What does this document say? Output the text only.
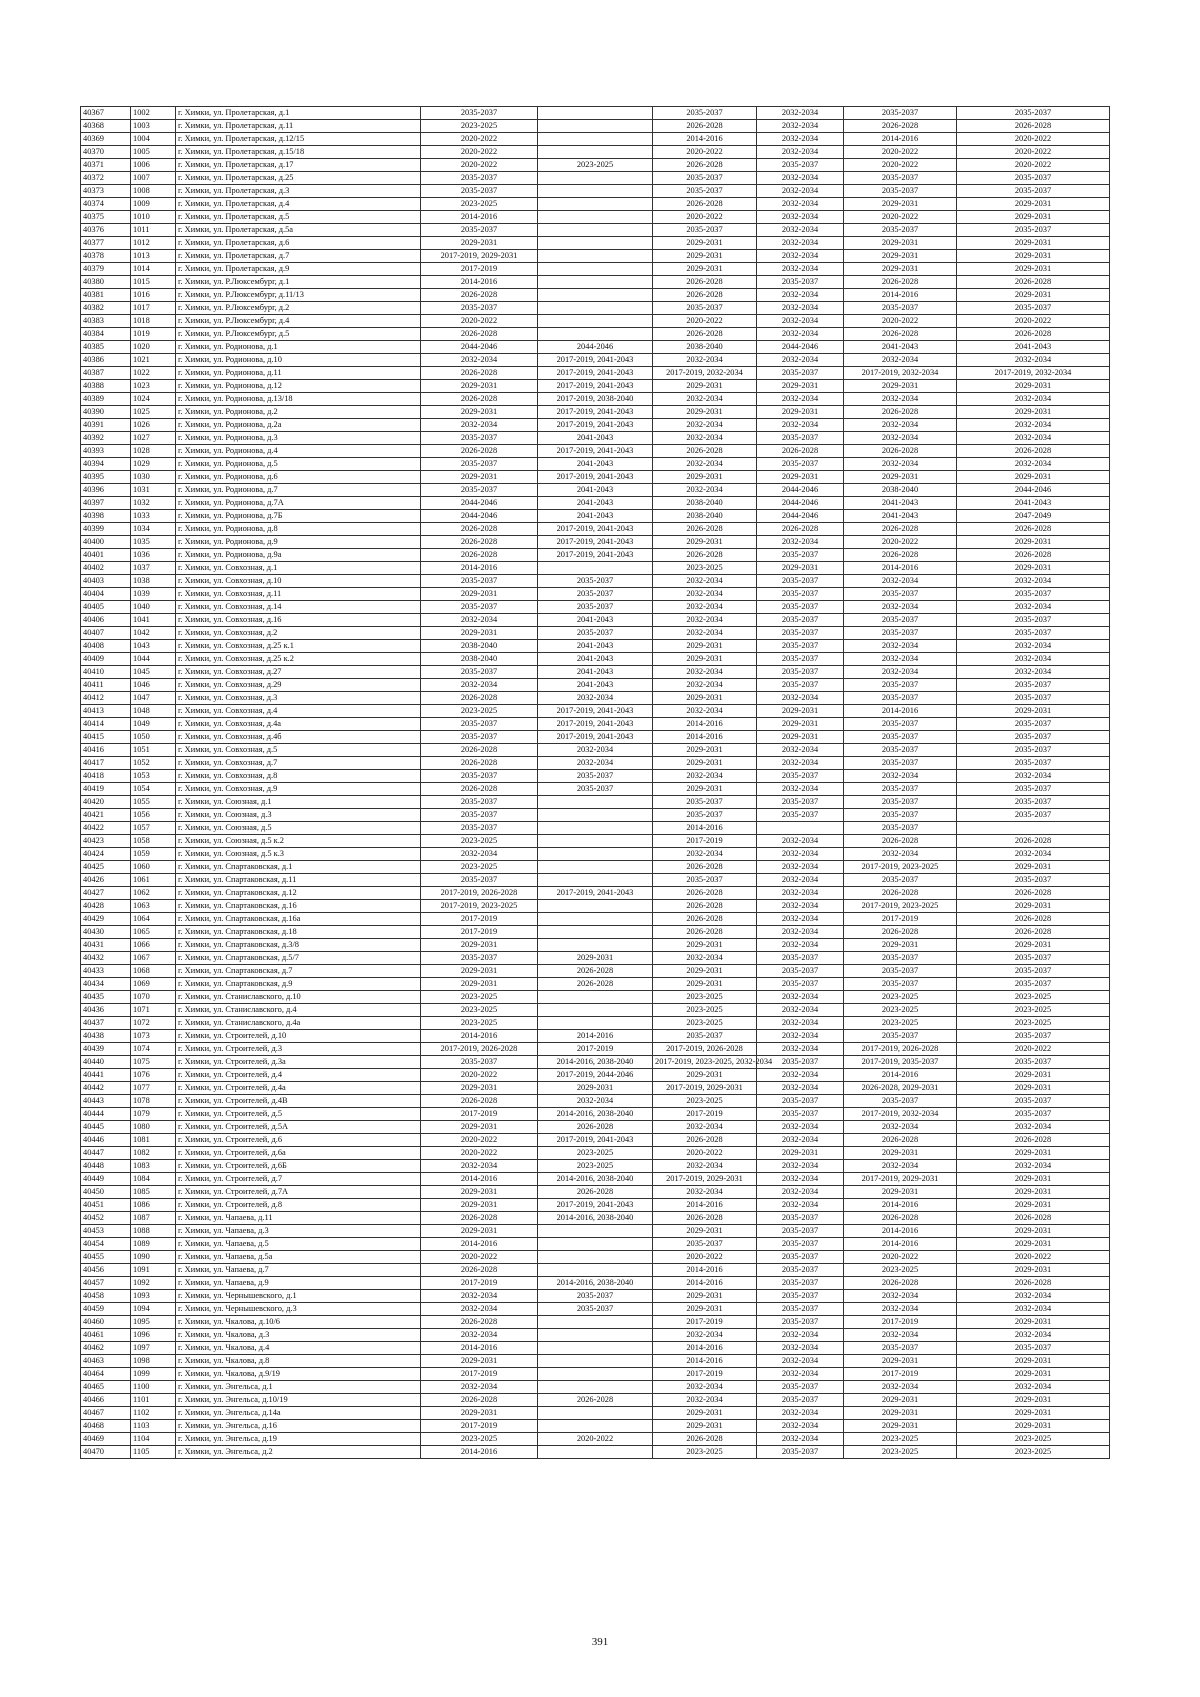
40367	1002	г. Химки, ул. Пролетарская, д.1	2035-2037		2035-2037	2032-2034	2035-2037	2035-2037
40368	1003	г. Химки, ул. Пролетарская, д.11	2023-2025		2026-2028	2032-2034	2026-2028	2026-2028
40369	1004	г. Химки, ул. Пролетарская, д.12/15	2020-2022		2014-2016	2032-2034	2014-2016	2020-2022
40370	1005	г. Химки, ул. Пролетарская, д.15/18	2020-2022		2020-2022	2032-2034	2020-2022	2020-2022
40371	1006	г. Химки, ул. Пролетарская, д.17	2020-2022	2023-2025	2026-2028	2035-2037	2020-2022	2020-2022
40372	1007	г. Химки, ул. Пролетарская, д.25	2035-2037		2035-2037	2032-2034	2035-2037	2035-2037
40373	1008	г. Химки, ул. Пролетарская, д.3	2035-2037		2035-2037	2032-2034	2035-2037	2035-2037
40374	1009	г. Химки, ул. Пролетарская, д.4	2023-2025		2026-2028	2032-2034	2029-2031	2029-2031
40375	1010	г. Химки, ул. Пролетарская, д.5	2014-2016		2020-2022	2032-2034	2020-2022	2029-2031
40376	1011	г. Химки, ул. Пролетарская, д.5а	2035-2037		2035-2037	2032-2034	2035-2037	2035-2037
40377	1012	г. Химки, ул. Пролетарская, д.6	2029-2031		2029-2031	2032-2034	2029-2031	2029-2031
40378	1013	г. Химки, ул. Пролетарская, д.7	2017-2019, 2029-2031		2029-2031	2032-2034	2029-2031	2029-2031
40379	1014	г. Химки, ул. Пролетарская, д.9	2017-2019		2029-2031	2032-2034	2029-2031	2029-2031
40380	1015	г. Химки, ул. Р.Люксембург, д.1	2014-2016		2026-2028	2035-2037	2026-2028	2026-2028
40381	1016	г. Химки, ул. Р.Люксембург, д.11/13	2026-2028		2026-2028	2032-2034	2014-2016	2029-2031
40382	1017	г. Химки, ул. Р.Люксембург, д.2	2035-2037		2035-2037	2032-2034	2035-2037	2035-2037
40383	1018	г. Химки, ул. Р.Люксембург, д.4	2020-2022		2020-2022	2032-2034	2020-2022	2020-2022
40384	1019	г. Химки, ул. Р.Люксембург, д.5	2026-2028		2026-2028	2032-2034	2026-2028	2026-2028
40385	1020	г. Химки, ул. Родионова, д.1	2044-2046	2044-2046	2038-2040	2044-2046	2041-2043	2041-2043
40386	1021	г. Химки, ул. Родионова, д.10	2032-2034	2017-2019, 2041-2043	2032-2034	2032-2034	2032-2034	2032-2034
40387	1022	г. Химки, ул. Родионова, д.11	2026-2028	2017-2019, 2041-2043	2017-2019, 2032-2034	2035-2037	2017-2019, 2032-2034	2017-2019, 2032-2034
40388	1023	г. Химки, ул. Родионова, д.12	2029-2031	2017-2019, 2041-2043	2029-2031	2029-2031	2029-2031	2029-2031
40389	1024	г. Химки, ул. Родионова, д.13/18	2026-2028	2017-2019, 2038-2040	2032-2034	2032-2034	2032-2034	2032-2034
40390	1025	г. Химки, ул. Родионова, д.2	2029-2031	2017-2019, 2041-2043	2029-2031	2029-2031	2026-2028	2029-2031
40391	1026	г. Химки, ул. Родионова, д.2а	2032-2034	2017-2019, 2041-2043	2032-2034	2032-2034	2032-2034	2032-2034
40392	1027	г. Химки, ул. Родионова, д.3	2035-2037	2041-2043	2032-2034	2035-2037	2032-2034	2032-2034
40393	1028	г. Химки, ул. Родионова, д.4	2026-2028	2017-2019, 2041-2043	2026-2028	2026-2028	2026-2028	2026-2028
40394	1029	г. Химки, ул. Родионова, д.5	2035-2037	2041-2043	2032-2034	2035-2037	2032-2034	2032-2034
40395	1030	г. Химки, ул. Родионова, д.6	2029-2031	2017-2019, 2041-2043	2029-2031	2029-2031	2029-2031	2029-2031
40396	1031	г. Химки, ул. Родионова, д.7	2035-2037	2041-2043	2032-2034	2044-2046	2038-2040	2044-2046
40397	1032	г. Химки, ул. Родионова, д.7А	2044-2046	2041-2043	2038-2040	2044-2046	2041-2043	2041-2043
40398	1033	г. Химки, ул. Родионова, д.7Б	2044-2046	2041-2043	2038-2040	2044-2046	2041-2043	2047-2049
40399	1034	г. Химки, ул. Родионова, д.8	2026-2028	2017-2019, 2041-2043	2026-2028	2026-2028	2026-2028	2026-2028
40400	1035	г. Химки, ул. Родионова, д.9	2026-2028	2017-2019, 2041-2043	2029-2031	2032-2034	2020-2022	2029-2031
40401	1036	г. Химки, ул. Родионова, д.9а	2026-2028	2017-2019, 2041-2043	2026-2028	2035-2037	2026-2028	2026-2028
40402	1037	г. Химки, ул. Совхозная, д.1	2014-2016		2023-2025	2029-2031	2014-2016	2029-2031
40403	1038	г. Химки, ул. Совхозная, д.10	2035-2037	2035-2037	2032-2034	2035-2037	2032-2034	2032-2034
40404	1039	г. Химки, ул. Совхозная, д.11	2029-2031	2035-2037	2032-2034	2035-2037	2035-2037	2035-2037
40405	1040	г. Химки, ул. Совхозная, д.14	2035-2037	2035-2037	2032-2034	2035-2037	2032-2034	2032-2034
40406	1041	г. Химки, ул. Совхозная, д.16	2032-2034	2041-2043	2032-2034	2035-2037	2035-2037	2035-2037
40407	1042	г. Химки, ул. Совхозная, д.2	2029-2031	2035-2037	2032-2034	2035-2037	2035-2037	2035-2037
40408	1043	г. Химки, ул. Совхозная, д.25 к.1	2038-2040	2041-2043	2029-2031	2035-2037	2032-2034	2032-2034
40409	1044	г. Химки, ул. Совхозная, д.25 к.2	2038-2040	2041-2043	2029-2031	2035-2037	2032-2034	2032-2034
40410	1045	г. Химки, ул. Совхозная, д.27	2035-2037	2041-2043	2032-2034	2035-2037	2032-2034	2032-2034
40411	1046	г. Химки, ул. Совхозная, д.29	2032-2034	2041-2043	2032-2034	2035-2037	2035-2037	2035-2037
40412	1047	г. Химки, ул. Совхозная, д.3	2026-2028	2032-2034	2029-2031	2032-2034	2035-2037	2035-2037
40413	1048	г. Химки, ул. Совхозная, д.4	2023-2025	2017-2019, 2041-2043	2032-2034	2029-2031	2014-2016	2029-2031
40414	1049	г. Химки, ул. Совхозная, д.4а	2035-2037	2017-2019, 2041-2043	2014-2016	2029-2031	2035-2037	2035-2037
40415	1050	г. Химки, ул. Совхозная, д.4б	2035-2037	2017-2019, 2041-2043	2014-2016	2029-2031	2035-2037	2035-2037
40416	1051	г. Химки, ул. Совхозная, д.5	2026-2028	2032-2034	2029-2031	2032-2034	2035-2037	2035-2037
40417	1052	г. Химки, ул. Совхозная, д.7	2026-2028	2032-2034	2029-2031	2032-2034	2035-2037	2035-2037
40418	1053	г. Химки, ул. Совхозная, д.8	2035-2037	2035-2037	2032-2034	2035-2037	2032-2034	2032-2034
40419	1054	г. Химки, ул. Совхозная, д.9	2026-2028	2035-2037	2029-2031	2032-2034	2035-2037	2035-2037
40420	1055	г. Химки, ул. Союзная, д.1	2035-2037		2035-2037	2035-2037	2035-2037	2035-2037
40421	1056	г. Химки, ул. Союзная, д.3	2035-2037		2035-2037	2035-2037	2035-2037	2035-2037
40422	1057	г. Химки, ул. Союзная, д.5	2035-2037		2014-2016		2035-2037	
40423	1058	г. Химки, ул. Союзная, д.5 к.2	2023-2025		2017-2019	2032-2034	2026-2028	2026-2028
40424	1059	г. Химки, ул. Союзная, д.5 к.3	2032-2034		2032-2034	2032-2034	2032-2034	2032-2034
40425	1060	г. Химки, ул. Спартаковская, д.1	2023-2025		2026-2028	2032-2034	2017-2019, 2023-2025	2029-2031
40426	1061	г. Химки, ул. Спартаковская, д.11	2035-2037		2035-2037	2032-2034	2035-2037	2035-2037
40427	1062	г. Химки, ул. Спартаковская, д.12	2017-2019, 2026-2028	2017-2019, 2041-2043	2026-2028	2032-2034	2026-2028	2026-2028
40428	1063	г. Химки, ул. Спартаковская, д.16	2017-2019, 2023-2025		2026-2028	2032-2034	2017-2019, 2023-2025	2029-2031
40429	1064	г. Химки, ул. Спартаковская, д.16а	2017-2019		2026-2028	2032-2034	2017-2019	2026-2028
40430	1065	г. Химки, ул. Спартаковская, д.18	2017-2019		2026-2028	2032-2034	2026-2028	2026-2028
40431	1066	г. Химки, ул. Спартаковская, д.3/8	2029-2031		2029-2031	2032-2034	2029-2031	2029-2031
40432	1067	г. Химки, ул. Спартаковская, д.5/7	2035-2037	2029-2031	2032-2034	2035-2037	2035-2037	2035-2037
40433	1068	г. Химки, ул. Спартаковская, д.7	2029-2031	2026-2028	2029-2031	2035-2037	2035-2037	2035-2037
40434	1069	г. Химки, ул. Спартаковская, д.9	2029-2031	2026-2028	2029-2031	2035-2037	2035-2037	2035-2037
40435	1070	г. Химки, ул. Станиславского, д.10	2023-2025		2023-2025	2032-2034	2023-2025	2023-2025
40436	1071	г. Химки, ул. Станиславского, д.4	2023-2025		2023-2025	2032-2034	2023-2025	2023-2025
40437	1072	г. Химки, ул. Станиславского, д.4а	2023-2025		2023-2025	2032-2034	2023-2025	2023-2025
40438	1073	г. Химки, ул. Строителей, д.10	2014-2016	2014-2016	2035-2037	2032-2034	2035-2037	2035-2037
40439	1074	г. Химки, ул. Строителей, д.3	2017-2019, 2026-2028	2017-2019	2017-2019, 2026-2028	2032-2034	2017-2019, 2026-2028	2020-2022
40440	1075	г. Химки, ул. Строителей, д.3а	2035-2037	2014-2016, 2038-2040	2017-2019, 2023-2025, 2032-2034	2035-2037	2017-2019, 2035-2037	2035-2037
40441	1076	г. Химки, ул. Строителей, д.4	2020-2022	2017-2019, 2044-2046	2029-2031	2032-2034	2014-2016	2029-2031
40442	1077	г. Химки, ул. Строителей, д.4а	2029-2031	2029-2031	2017-2019, 2029-2031	2032-2034	2026-2028, 2029-2031	2029-2031
40443	1078	г. Химки, ул. Строителей, д.4В	2026-2028	2032-2034	2023-2025	2035-2037	2035-2037	2035-2037
40444	1079	г. Химки, ул. Строителей, д.5	2017-2019	2014-2016, 2038-2040	2017-2019	2035-2037	2017-2019, 2032-2034	2035-2037
40445	1080	г. Химки, ул. Строителей, д.5А	2029-2031	2026-2028	2032-2034	2032-2034	2032-2034	2032-2034
40446	1081	г. Химки, ул. Строителей, д.6	2020-2022	2017-2019, 2041-2043	2026-2028	2032-2034	2026-2028	2026-2028
40447	1082	г. Химки, ул. Строителей, д.6а	2020-2022	2023-2025	2020-2022	2029-2031	2029-2031	2029-2031
40448	1083	г. Химки, ул. Строителей, д.6Б	2032-2034	2023-2025	2032-2034	2032-2034	2032-2034	2032-2034
40449	1084	г. Химки, ул. Строителей, д.7	2014-2016	2014-2016, 2038-2040	2017-2019, 2029-2031	2032-2034	2017-2019, 2029-2031	2029-2031
40450	1085	г. Химки, ул. Строителей, д.7А	2029-2031	2026-2028	2032-2034	2032-2034	2029-2031	2029-2031
40451	1086	г. Химки, ул. Строителей, д.8	2029-2031	2017-2019, 2041-2043	2014-2016	2032-2034	2014-2016	2029-2031
40452	1087	г. Химки, ул. Чапаева, д.11	2026-2028	2014-2016, 2038-2040	2026-2028	2035-2037	2026-2028	2026-2028
40453	1088	г. Химки, ул. Чапаева, д.3	2029-2031		2029-2031	2035-2037	2014-2016	2029-2031
40454	1089	г. Химки, ул. Чапаева, д.5	2014-2016		2035-2037	2035-2037	2014-2016	2029-2031
40455	1090	г. Химки, ул. Чапаева, д.5а	2020-2022		2020-2022	2035-2037	2020-2022	2020-2022
40456	1091	г. Химки, ул. Чапаева, д.7	2026-2028		2014-2016	2035-2037	2023-2025	2029-2031
40457	1092	г. Химки, ул. Чапаева, д.9	2017-2019	2014-2016, 2038-2040	2014-2016	2035-2037	2026-2028	2026-2028
40458	1093	г. Химки, ул. Чернышевского, д.1	2032-2034	2035-2037	2029-2031	2035-2037	2032-2034	2032-2034
40459	1094	г. Химки, ул. Чернышевского, д.3	2032-2034	2035-2037	2029-2031	2035-2037	2032-2034	2032-2034
40460	1095	г. Химки, ул. Чкалова, д.10/6	2026-2028		2017-2019	2035-2037	2017-2019	2029-2031
40461	1096	г. Химки, ул. Чкалова, д.3	2032-2034		2032-2034	2032-2034	2032-2034	2032-2034
40462	1097	г. Химки, ул. Чкалова, д.4	2014-2016		2014-2016	2032-2034	2035-2037	2035-2037
40463	1098	г. Химки, ул. Чкалова, д.8	2029-2031		2014-2016	2032-2034	2029-2031	2029-2031
40464	1099	г. Химки, ул. Чкалова, д.9/19	2017-2019		2017-2019	2032-2034	2017-2019	2029-2031
40465	1100	г. Химки, ул. Энгельса, д.1	2032-2034		2032-2034	2035-2037	2032-2034	2032-2034
40466	1101	г. Химки, ул. Энгельса, д.10/19	2026-2028	2026-2028	2032-2034	2035-2037	2029-2031	2029-2031
40467	1102	г. Химки, ул. Энгельса, д.14а	2029-2031		2029-2031	2032-2034	2029-2031	2029-2031
40468	1103	г. Химки, ул. Энгельса, д.16	2017-2019		2029-2031	2032-2034	2029-2031	2029-2031
40469	1104	г. Химки, ул. Энгельса, д.19	2023-2025	2020-2022	2026-2028	2032-2034	2023-2025	2023-2025
40470	1105	г. Химки, ул. Энгельса, д.2	2014-2016		2023-2025	2035-2037	2023-2025	2023-2025
391
